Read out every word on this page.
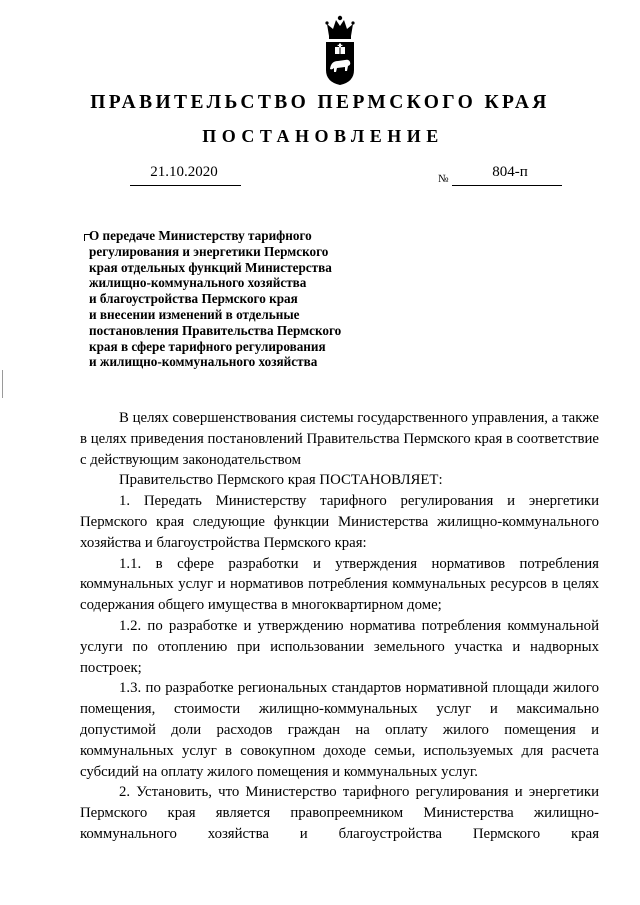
ПРАВИТЕЛЬСТВО ПЕРМСКОГО КРАЯ
ПОСТАНОВЛЕНИЕ
21.10.2020	№	804-п
О передаче Министерству тарифного
регулирования и энергетики Пермского
края отдельных функций Министерства
жилищно-коммунального хозяйства
и благоустройства Пермского края
и внесении изменений в отдельные
постановления Правительства Пермского
края в сфере тарифного регулирования
и жилищно-коммунального хозяйства

В целях совершенствования системы государственного управления, а также в целях приведения постановлений Правительства Пермского края в соответствие с действующим законодательством

Правительство Пермского края ПОСТАНОВЛЯЕТ:

1. Передать Министерству тарифного регулирования и энергетики Пермского края следующие функции Министерства жилищно-коммунального хозяйства и благоустройства Пермского края:

1.1. в сфере разработки и утверждения нормативов потребления коммунальных услуг и нормативов потребления коммунальных ресурсов в целях содержания общего имущества в многоквартирном доме;

1.2. по разработке и утверждению норматива потребления коммунальной услуги по отоплению при использовании земельного участка и надворных построек;

1.3. по разработке региональных стандартов нормативной площади жилого помещения, стоимости жилищно-коммунальных услуг и максимально допустимой доли расходов граждан на оплату жилого помещения и коммунальных услуг в совокупном доходе семьи, используемых для расчета субсидий на оплату жилого помещения и коммунальных услуг.

2. Установить, что Министерство тарифного регулирования и энергетики Пермского края является правопреемником Министерства жилищно-коммунального хозяйства и благоустройства Пермского края
